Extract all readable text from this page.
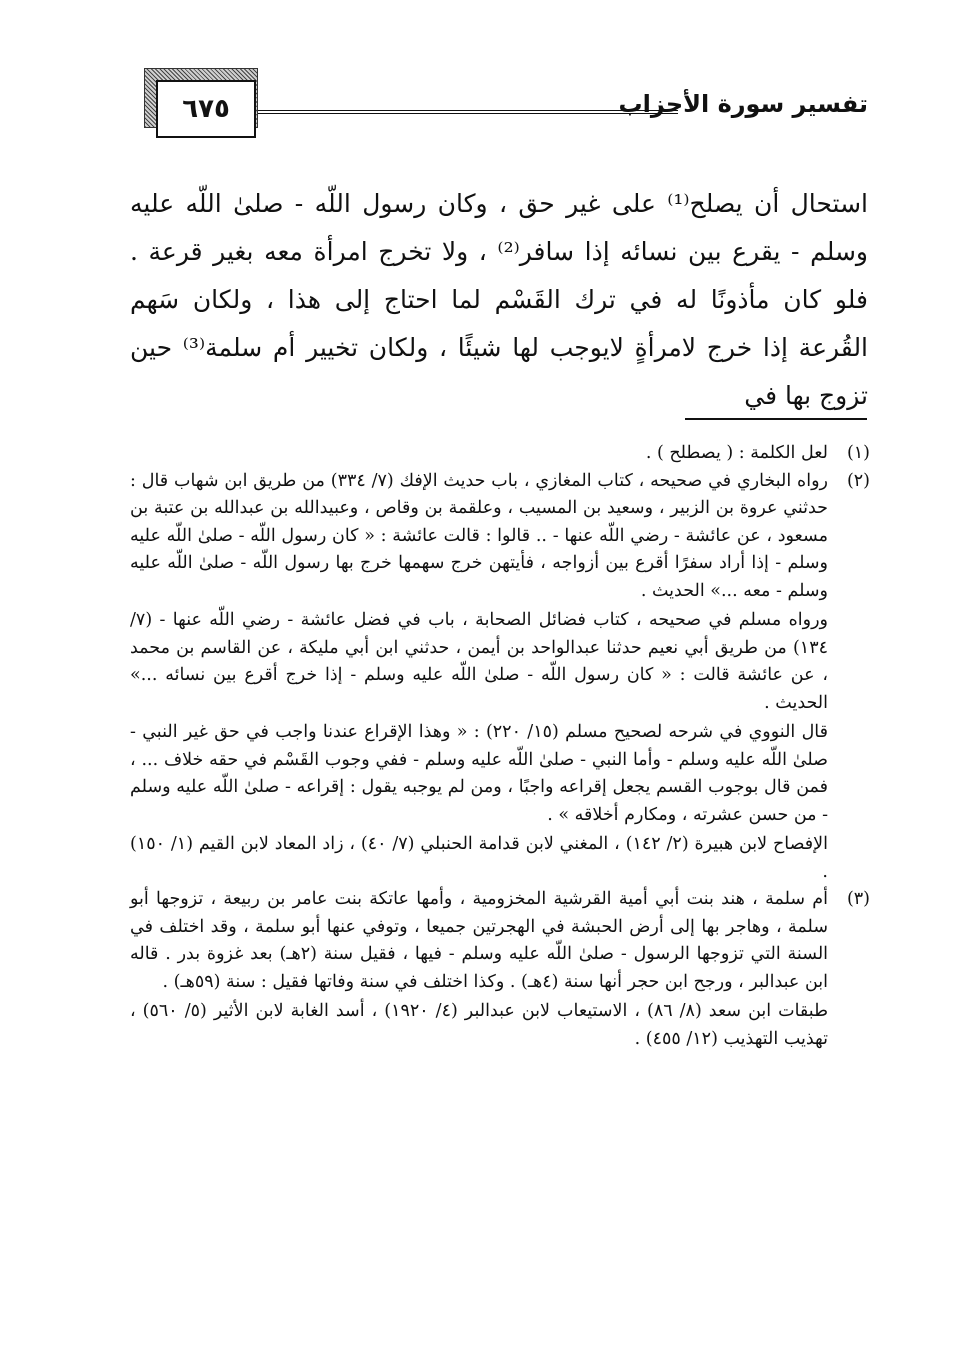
تفسير سورة الأحزاب
٦٧٥

استحال أن يصلح⁽¹⁾ على غير حق ، وكان رسول اللّه - صلىٰ اللّه عليه وسلم - يقرع بين نسائه إذا سافر⁽²⁾ ، ولا تخرج امرأة معه بغير قرعة . فلو كان مأذونًا له في ترك القَسْم لما احتاج إلى هذا ، ولكان سَهم القُرعة إذا خرج لامرأةٍ لايوجب لها شيئًا ، ولكان تخيير أم سلمة⁽³⁾ حين تزوج بها في

(١)

لعل الكلمة : ( يصطلح ) .

(٢)

رواه البخاري في صحيحه ، كتاب المغازي ، باب حديث الإفك (٧/ ٣٣٤) من طريق ابن شهاب قال : حدثني عروة بن الزبير ، وسعيد بن المسيب ، وعلقمة بن وقاص ، وعبيدالله بن عبدالله بن عتبة بن مسعود ، عن عائشة - رضي اللّه عنها - .. قالوا : قالت عائشة : « كان رسول اللّه - صلىٰ اللّه عليه وسلم - إذا أراد سفرًا أقرع بين أزواجه ، فأيتهن خرج سهمها خرج بها رسول اللّه - صلىٰ اللّه عليه وسلم - معه ...» الحديث .

ورواه مسلم في صحيحه ، كتاب فضائل الصحابة ، باب في فضل عائشة - رضي اللّه عنها - (٧/ ١٣٤) من طريق أبي نعيم حدثنا عبدالواحد بن أيمن ، حدثني ابن أبي مليكة ، عن القاسم بن محمد ، عن عائشة قالت : « كان رسول اللّه - صلىٰ اللّه عليه وسلم - إذا خرج أقرع بين نسائه ...» الحديث .

قال النووي في شرحه لصحيح مسلم (١٥/ ٢٢٠) : « وهذا الإقراع عندنا واجب في حق غير النبي - صلىٰ اللّه عليه وسلم - وأما النبي - صلىٰ اللّه عليه وسلم - ففي وجوب القَسْم في حقه خلاف ... ، فمن قال بوجوب القسم يجعل إقراعه واجبًا ، ومن لم يوجبه يقول : إقراعه - صلىٰ اللّه عليه وسلم - من حسن عشرته ، ومكارم أخلاقه » .

الإفصاح لابن هبيرة (٢/ ١٤٢) ، المغني لابن قدامة الحنبلي (٧/ ٤٠) ، زاد المعاد لابن القيم (١/ ١٥٠) .

(٣)

أم سلمة ، هند بنت أبي أمية القرشية المخزومية ، وأمها عاتكة بنت عامر بن ربيعة ، تزوجها أبو سلمة ، وهاجر بها إلى أرض الحبشة في الهجرتين جميعا ، وتوفي عنها أبو سلمة ، وقد اختلف في السنة التي تزوجها الرسول - صلىٰ اللّه عليه وسلم - فيها ، فقيل سنة (٢هـ) بعد غزوة بدر . قاله ابن عبدالبر ، ورجح ابن حجر أنها سنة (٤هـ) . وكذا اختلف في سنة وفاتها فقيل : سنة (٥٩هـ) .

طبقات ابن سعد (٨/ ٨٦) ، الاستيعاب لابن عبدالبر (٤/ ١٩٢٠) ، أسد الغابة لابن الأثير (٥/ ٥٦٠) ، تهذيب التهذيب (١٢/ ٤٥٥) .
